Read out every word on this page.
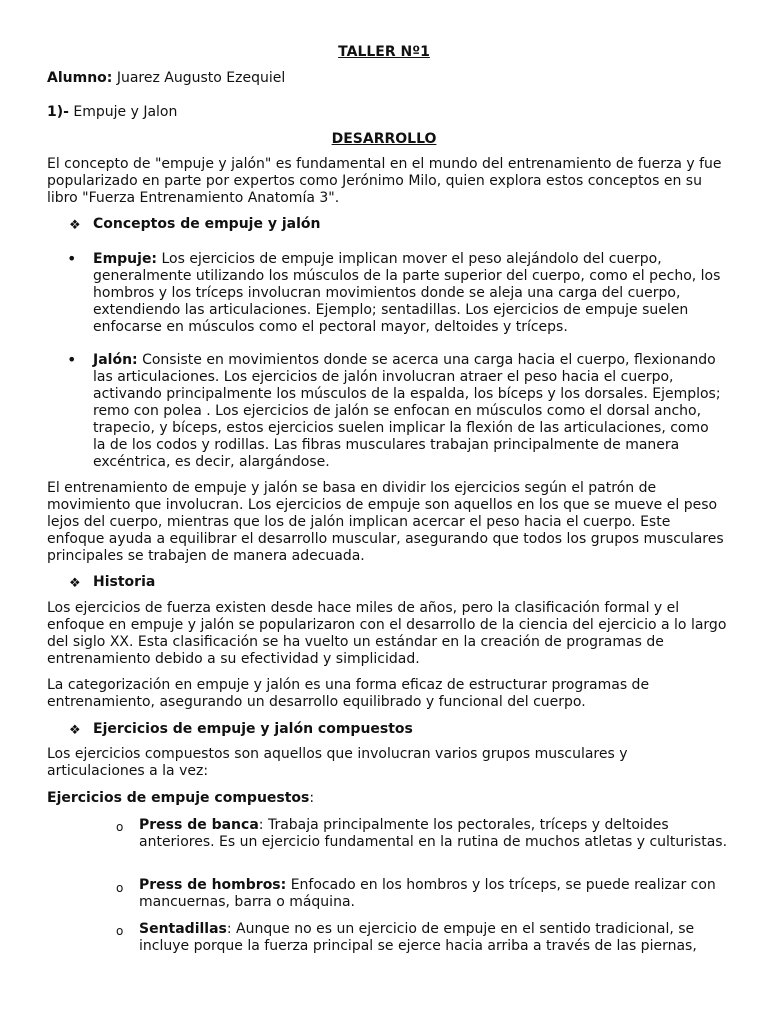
TALLER Nº1

Alumno: Juarez Augusto Ezequiel

1)- Empuje y Jalon

DESARROLLO

El concepto de "empuje y jalón" es fundamental en el mundo del entrenamiento de fuerza y fue popularizado en parte por expertos como Jerónimo Milo, quien explora estos conceptos en su libro "Fuerza Entrenamiento Anatomía 3".

❖ Conceptos de empuje y jalón

• Empuje: Los ejercicios de empuje implican mover el peso alejándolo del cuerpo, generalmente utilizando los músculos de la parte superior del cuerpo, como el pecho, los hombros y los tríceps involucran movimientos donde se aleja una carga del cuerpo, extendiendo las articulaciones. Ejemplo; sentadillas. Los ejercicios de empuje suelen enfocarse en músculos como el pectoral mayor, deltoides y tríceps.

• Jalón: Consiste en movimientos donde se acerca una carga hacia el cuerpo, flexionando las articulaciones. Los ejercicios de jalón involucran atraer el peso hacia el cuerpo, activando principalmente los músculos de la espalda, los bíceps y los dorsales. Ejemplos; remo con polea . Los ejercicios de jalón se enfocan en músculos como el dorsal ancho, trapecio, y bíceps, estos ejercicios suelen implicar la flexión de las articulaciones, como la de los codos y rodillas. Las fibras musculares trabajan principalmente de manera excéntrica, es decir, alargándose.

El entrenamiento de empuje y jalón se basa en dividir los ejercicios según el patrón de movimiento que involucran. Los ejercicios de empuje son aquellos en los que se mueve el peso lejos del cuerpo, mientras que los de jalón implican acercar el peso hacia el cuerpo. Este enfoque ayuda a equilibrar el desarrollo muscular, asegurando que todos los grupos musculares principales se trabajen de manera adecuada.

❖ Historia

Los ejercicios de fuerza existen desde hace miles de años, pero la clasificación formal y el enfoque en empuje y jalón se popularizaron con el desarrollo de la ciencia del ejercicio a lo largo del siglo XX. Esta clasificación se ha vuelto un estándar en la creación de programas de entrenamiento debido a su efectividad y simplicidad.

La categorización en empuje y jalón es una forma eficaz de estructurar programas de entrenamiento, asegurando un desarrollo equilibrado y funcional del cuerpo.

❖ Ejercicios de empuje y jalón compuestos

Los ejercicios compuestos son aquellos que involucran varios grupos musculares y articulaciones a la vez:

Ejercicios de empuje compuestos:

o Press de banca: Trabaja principalmente los pectorales, tríceps y deltoides anteriores. Es un ejercicio fundamental en la rutina de muchos atletas y culturistas.

o Press de hombros: Enfocado en los hombros y los tríceps, se puede realizar con mancuernas, barra o máquina.

o Sentadillas: Aunque no es un ejercicio de empuje en el sentido tradicional, se incluye porque la fuerza principal se ejerce hacia arriba a través de las piernas,
